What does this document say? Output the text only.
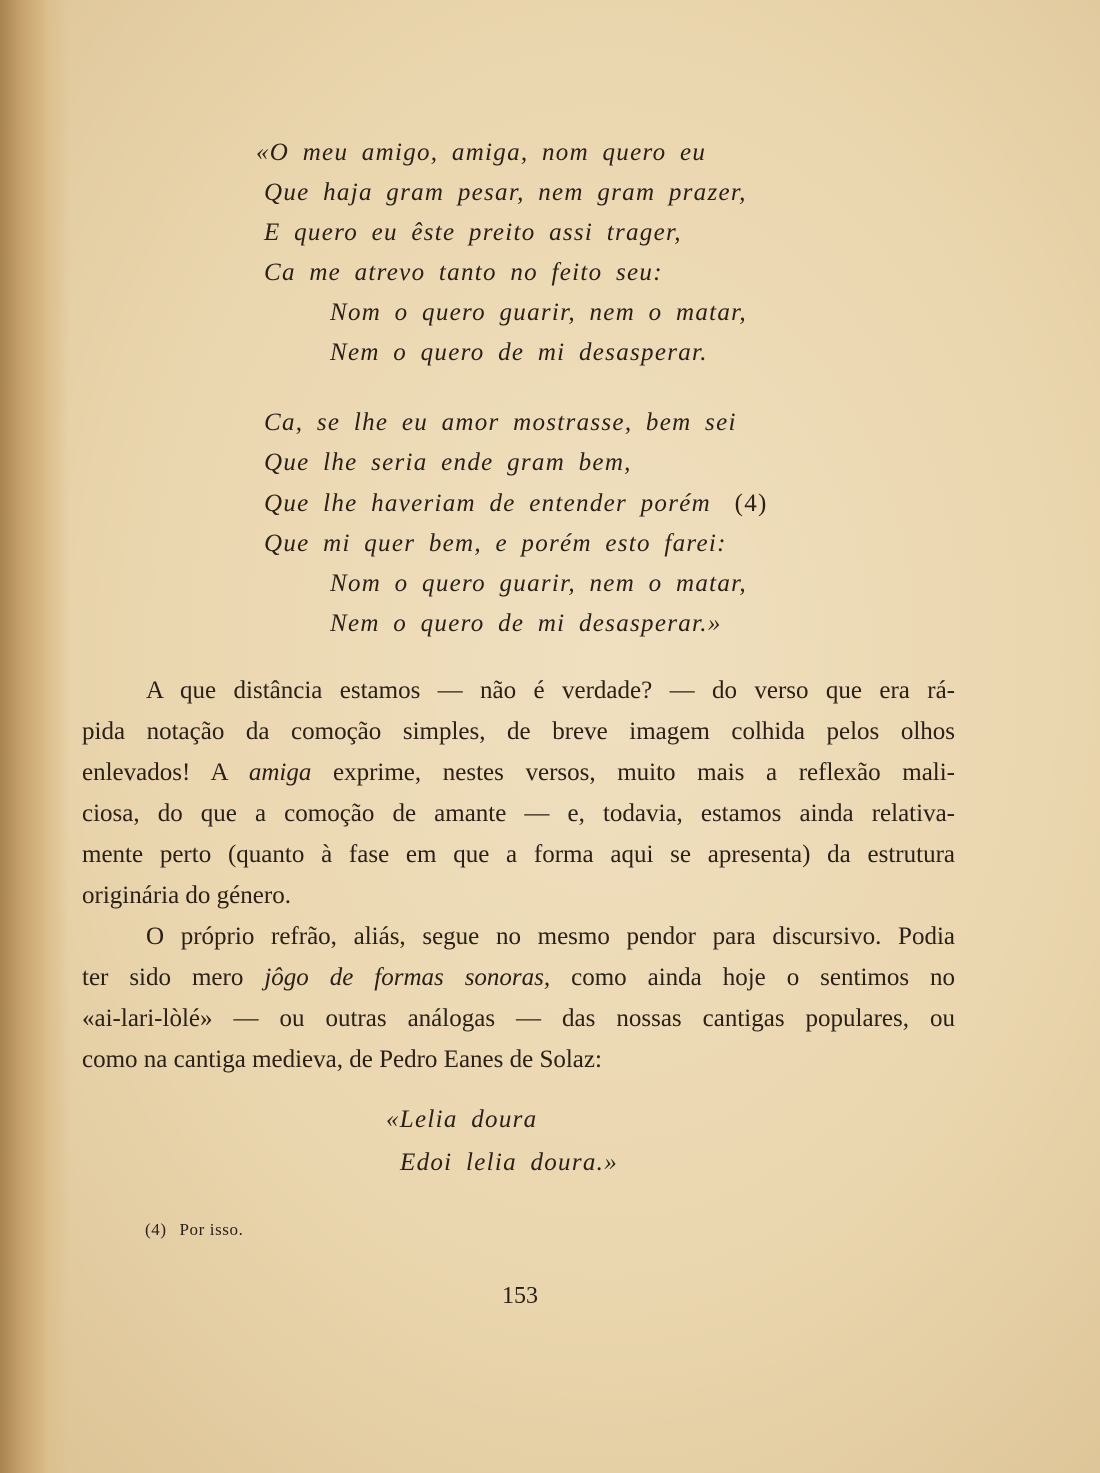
«O meu amigo, amiga, nom quero eu
Que haja gram pesar, nem gram prazer,
E quero eu êste preito assi trager,
Ca me atrevo tanto no feito seu:
Nom o quero guarir, nem o matar,
Nem o quero de mi desasperar.
Ca, se lhe eu amor mostrasse, bem sei
Que lhe seria ende gram bem,
Que lhe haveriam de entender porém (4)
Que mi quer bem, e porém esto farei:
Nom o quero guarir, nem o matar,
Nem o quero de mi desasperar.»
A que distância estamos — não é verdade? — do verso que era rá-
pida notação da comoção simples, de breve imagem colhida pelos olhos
enlevados! A amiga exprime, nestes versos, muito mais a reflexão mali-
ciosa, do que a comoção de amante — e, todavia, estamos ainda relativa-
mente perto (quanto à fase em que a forma aqui se apresenta) da estrutura
originária do género.
O próprio refrão, aliás, segue no mesmo pendor para discursivo. Podia
ter sido mero jôgo de formas sonoras, como ainda hoje o sentimos no
«ai-lari-lòlé» — ou outras análogas — das nossas cantigas populares, ou
como na cantiga medieva, de Pedro Eanes de Solaz:
«Lelia doura
Edoi lelia doura.»
(4) Por isso.
153
